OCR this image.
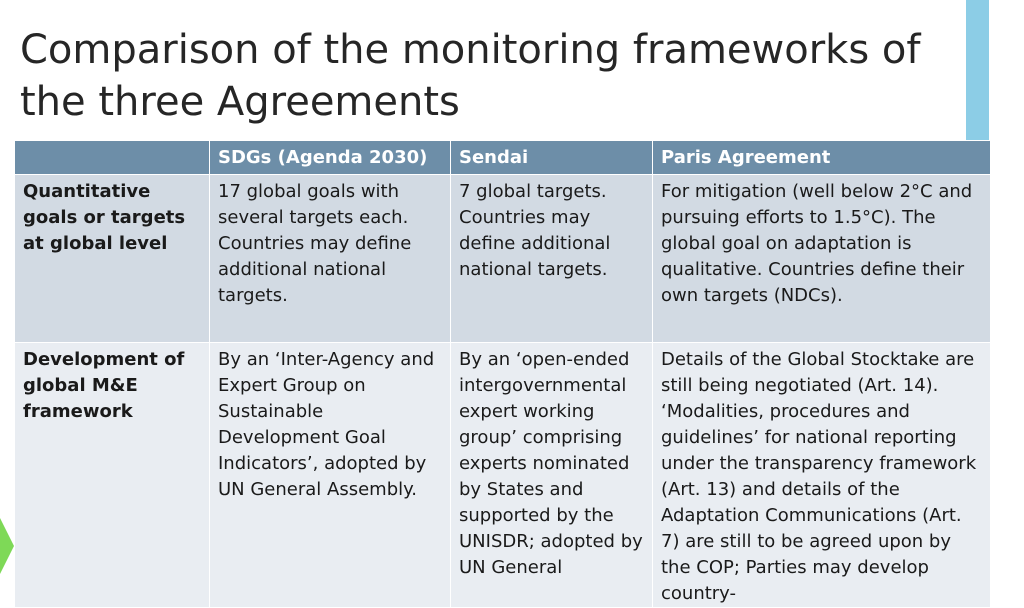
Comparison of the monitoring frameworks of the three Agreements
	SDGs (Agenda 2030)	Sendai	Paris Agreement
Quantitative goals or targets at global level	17 global goals with several targets each. Countries may define additional national targets.	7 global targets. Countries may define additional national targets.	For mitigation (well below 2°C and pursuing efforts to 1.5°C). The global goal on adaptation is qualitative. Countries define their own targets (NDCs).
Development of global M&E framework	By an ‘Inter-Agency and Expert Group on Sustainable Development Goal Indicators’, adopted by UN General Assembly.	By an ‘open-ended intergovernmental expert working group’ comprising experts nominated by States and supported by the UNISDR; adopted by UN General	Details of the Global Stocktake are still being negotiated (Art. 14). ‘Modalities, procedures and guidelines’ for national reporting under the transparency framework (Art. 13) and details of the Adaptation Communications (Art. 7) are still to be agreed upon by the COP; Parties may develop country-
